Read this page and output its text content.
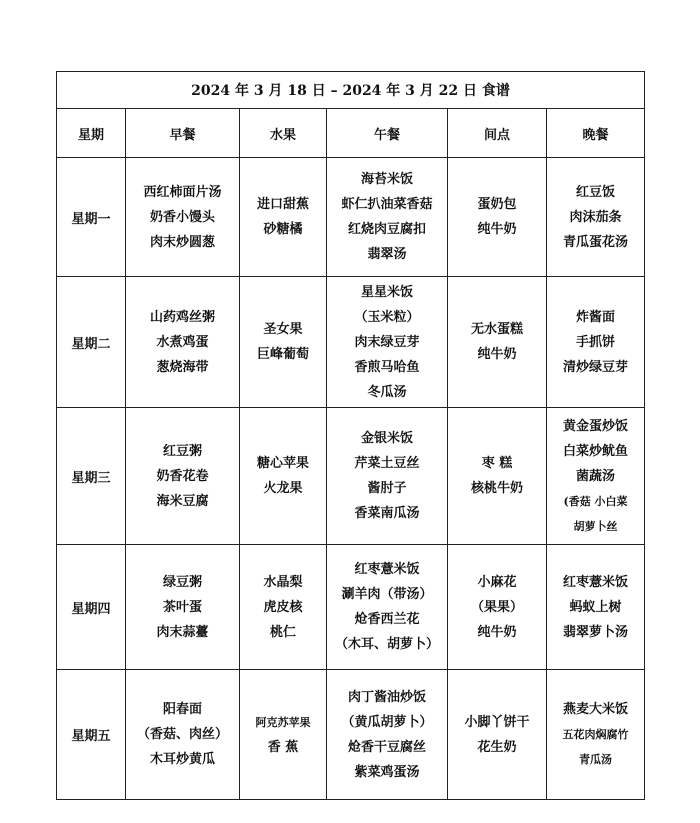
2024 年 3 月 18 日 – 2024 年 3 月 22 日 食谱					
星期	早餐	水果	午餐	间点	晚餐
星期一	西红柿面片汤
奶香小馒头
肉末炒圆葱	进口甜蕉
砂糖橘	海苔米饭
虾仁扒油菜香菇
红烧肉豆腐扣
翡翠汤	蛋奶包
纯牛奶	红豆饭
肉沫茄条
青瓜蛋花汤

星期二	山药鸡丝粥
水煮鸡蛋
葱烧海带	圣女果
巨峰葡萄	星星米饭
（玉米粒）
肉末绿豆芽
香煎马哈鱼
冬瓜汤	无水蛋糕
纯牛奶	炸酱面
手抓饼
清炒绿豆芽

星期三	红豆粥
奶香花卷
海米豆腐	糖心苹果
火龙果	金银米饭
芹菜土豆丝
酱肘子
香菜南瓜汤	枣 糕
核桃牛奶	黄金蛋炒饭
白菜炒鱿鱼
菌蔬汤
(香菇 小白菜
胡萝卜丝

星期四	绿豆粥
茶叶蛋
肉末蒜薹	水晶梨
虎皮核
桃仁	红枣薏米饭
涮羊肉（带汤）
炝香西兰花
（木耳、胡萝卜）	小麻花
（果果）
纯牛奶	红枣薏米饭
蚂蚁上树
翡翠萝卜汤

星期五	阳春面
（香菇、肉丝）
木耳炒黄瓜	阿克苏苹果
香 蕉	肉丁酱油炒饭
（黄瓜胡萝卜）
炝香干豆腐丝
紫菜鸡蛋汤	小脚丫饼干
花生奶	燕麦大米饭
五花肉焖腐竹
青瓜汤
